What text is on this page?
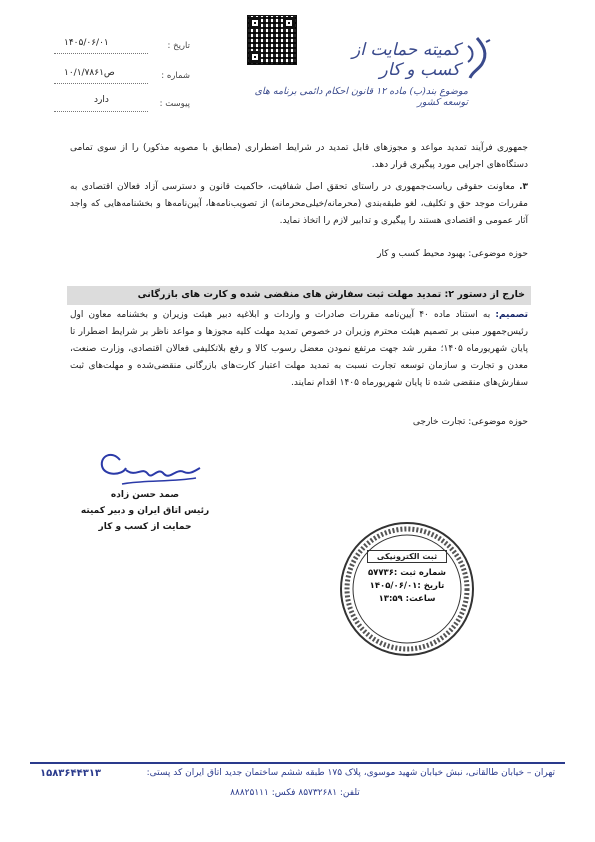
تاریخ :
۱۴۰۵/۰۶/۰۱
شماره :
۱۰/۱/۷۸۶۱ص
پیوست :
دارد
کمیته حمایت از کسب و کار
موضوع بند(ب) ماده ۱۲ قانون احکام دائمی برنامه های توسعه کشور
جمهوری فرآیند تمدید مواعد و مجوزهای قابل تمدید در شرایط اضطراری (مطابق با مصوبه مذکور) را از سوی تمامی دستگاه‌های اجرایی مورد پیگیری قرار دهد.
۳. معاونت حقوقی ریاست‌جمهوری در راستای تحقق اصل شفافیت، حاکمیت قانون و دسترسی آزاد فعالان اقتصادی به مقررات موجد حق و تکلیف، لغو طبقه‌بندی (محرمانه/خیلی‌محرمانه) از تصویب‌نامه‌ها، آیین‌نامه‌ها و بخشنامه‌هایی که واجد آثار عمومی و اقتصادی هستند را پیگیری و تدابیر لازم را اتخاذ نماید.
حوزه موضوعی: بهبود محیط کسب و کار
خارج از دستور ۲: تمدید مهلت ثبت سفارش های منقضی شده و کارت های بازرگانی
تصمیم: به استناد ماده ۴۰ آیین‌نامه مقررات صادرات و واردات و ابلاغیه دبیر هیئت وزیران و بخشنامه معاون اول رئیس‌جمهور مبنی بر تصمیم هیئت محترم وزیران در خصوص تمدید مهلت کلیه مجوزها و مواعد ناظر بر شرایط اضطرار تا پایان شهریورماه ۱۴۰۵؛ مقرر شد جهت مرتفع نمودن معضل رسوب کالا و رفع بلاتکلیفی فعالان اقتصادی، وزارت صنعت، معدن و تجارت و سازمان توسعه تجارت نسبت به تمدید مهلت اعتبار کارت‌های بازرگانی منقضی‌شده و مهلت‌های ثبت سفارش‌های منقضی شده تا پایان شهریورماه ۱۴۰۵ اقدام نمایند.
حوزه موضوعی: تجارت خارجی
صمد حسن زاده
رئیس اتاق ایران و دبیر کمیته
حمایت از کسب و کار
ثبت الکترونیکی
شماره ثبت :۵۷۷۳۶
تاریخ :۱۴۰۵/۰۶/۰۱
ساعت: ۱۳:۵۹
تهران – خیابان طالقانی، نبش خیابان شهید موسوی، پلاک ۱۷۵ طبقه ششم ساختمان جدید اتاق ایران کد پستی:
۱۵۸۳۶۴۴۳۱۳
تلفن: ۸۵۷۳۲۶۸۱ فکس: ۸۸۸۲۵۱۱۱
